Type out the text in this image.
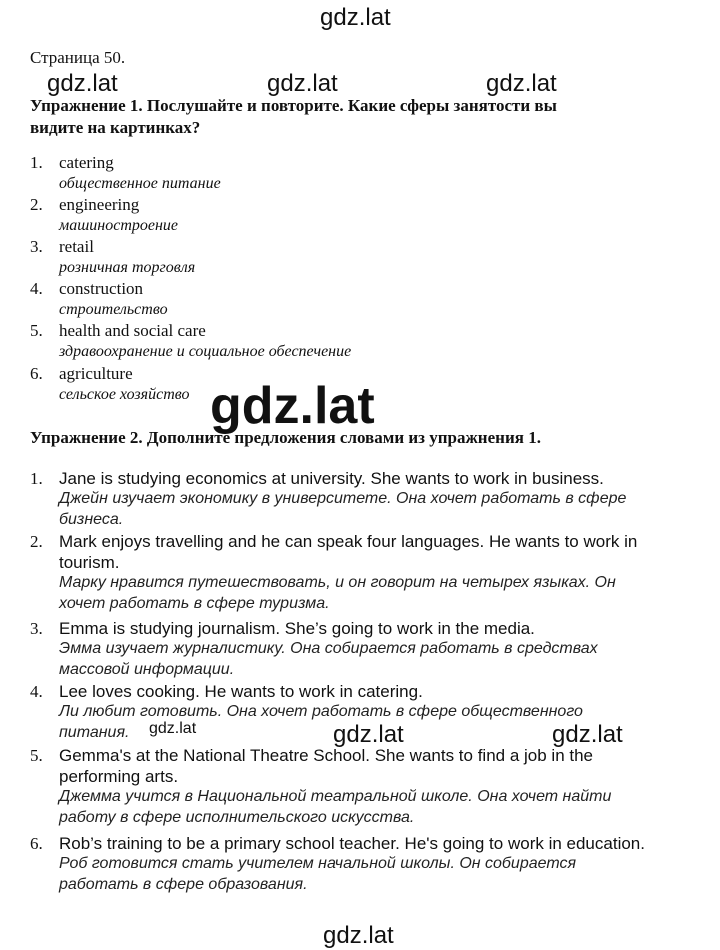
gdz.lat
Страница 50.
gdz.lat	gdz.lat	gdz.lat
Упражнение 1. Послушайте и повторите. Какие сферы занятости вы
видите на картинках?
1. catering
общественное питание
2. engineering
машиностроение
3. retail
розничная торговля
4. construction
строительство
5. health and social care
здравоохранение и социальное обеспечение
6. agriculture
сельское хозяйство gdz.lat
Упражнение 2. Дополните предложения словами из упражнения 1.
1. Jane is studying economics at university. She wants to work in business.
Джейн изучает экономику в университете. Она хочет работать в сфере
бизнеса.
2. Mark enjoys travelling and he can speak four languages. He wants to work in
tourism.
Марку нравится путешествовать, и он говорит на четырех языках. Он
хочет работать в сфере туризма.
3. Emma is studying journalism. She’s going to work in the media.
Эмма изучает журналистику. Она собирается работать в средствах
массовой информации.
4. Lee loves cooking. He wants to work in catering.
Ли любит готовить. Она хочет работать в сфере общественного
питания. gdz.lat	gdz.lat	gdz.lat
5. Gemma's at the National Theatre School. She wants to find a job in the
performing arts.
Джемма учится в Национальной театральной школе. Она хочет найти
работу в сфере исполнительского искусства.
6. Rob’s training to be a primary school teacher. He's going to work in education.
Роб готовится стать учителем начальной школы. Он собирается
работать в сфере образования.
gdz.lat
